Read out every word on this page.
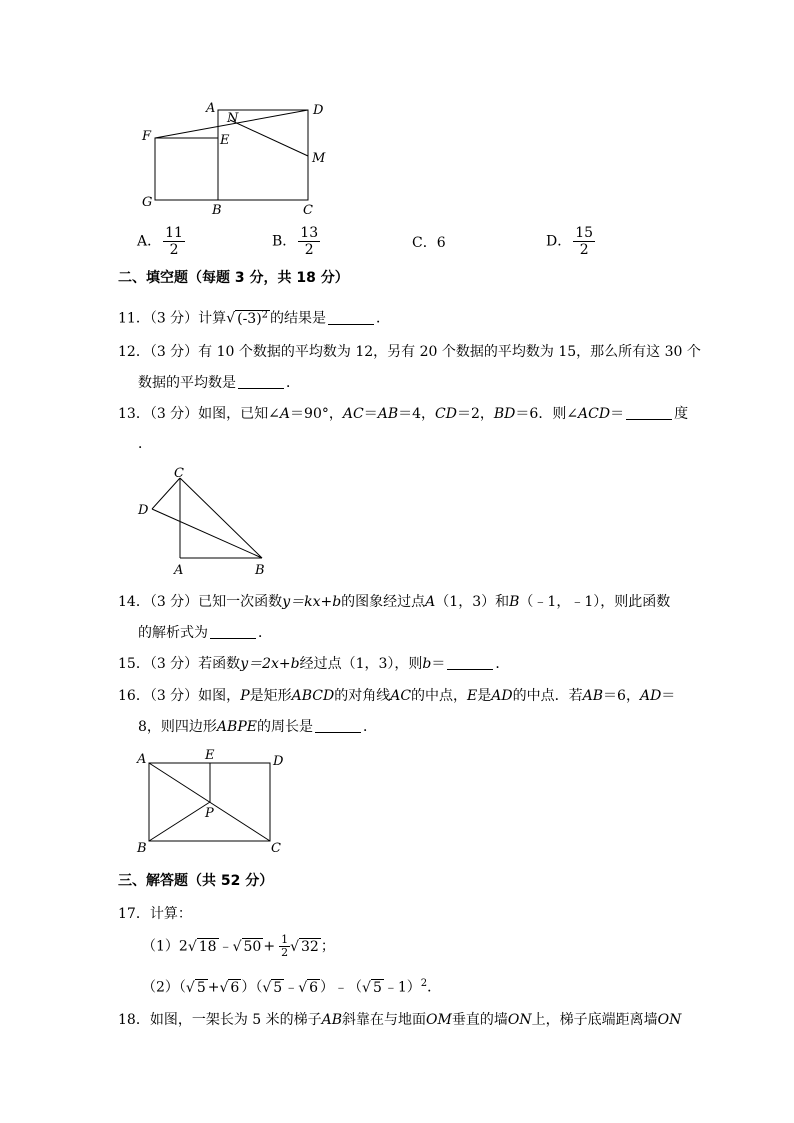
A	D
N
E
F
M
G
B	C
A． $\frac{11}{2}$	B． $\frac{13}{2}$	C．6	D． $\frac{15}{2}$
二、填空题（每题 3 分，共 18 分）
11．（3 分）计算√ $(-3)^2$ 的结果是	．
12．（3 分）有 10 个数据的平均数为 12，另有 20 个数据的平均数为 15，那么所有这 30 个
数据的平均数是	．
13．（3 分）如图，已知∠A＝90°，AC＝AB＝4，CD＝2，BD＝6．则∠ACD＝	度
．
C
D
A	B
14．（3 分）已知一次函数y＝kx+b的图象经过点A（1，3）和B（﹣1，﹣1），则此函数
的解析式为	．
15．（3 分）若函数y＝2x+b经过点（1，3），则b＝	．
16．（3 分）如图，P是矩形ABCD的对角线AC的中点，E是AD的中点．若AB＝6，AD＝
8，则四边形ABPE的周长是	．
A	E	D
P
B	C
三、解答题（共 52 分）
17．计算：
（1）2√ 18 ﹣√ $50 + \frac{1}{2}$ √ 32 ；
（2）（√ 5 +√ 6 ）（√ 5 ﹣√ 6 ）﹣（√ 5 ﹣1）$^2$．
18．如图，一架长为 5 米的梯子AB斜靠在与地面OM垂直的墙ON上，梯子底端距离墙ON
